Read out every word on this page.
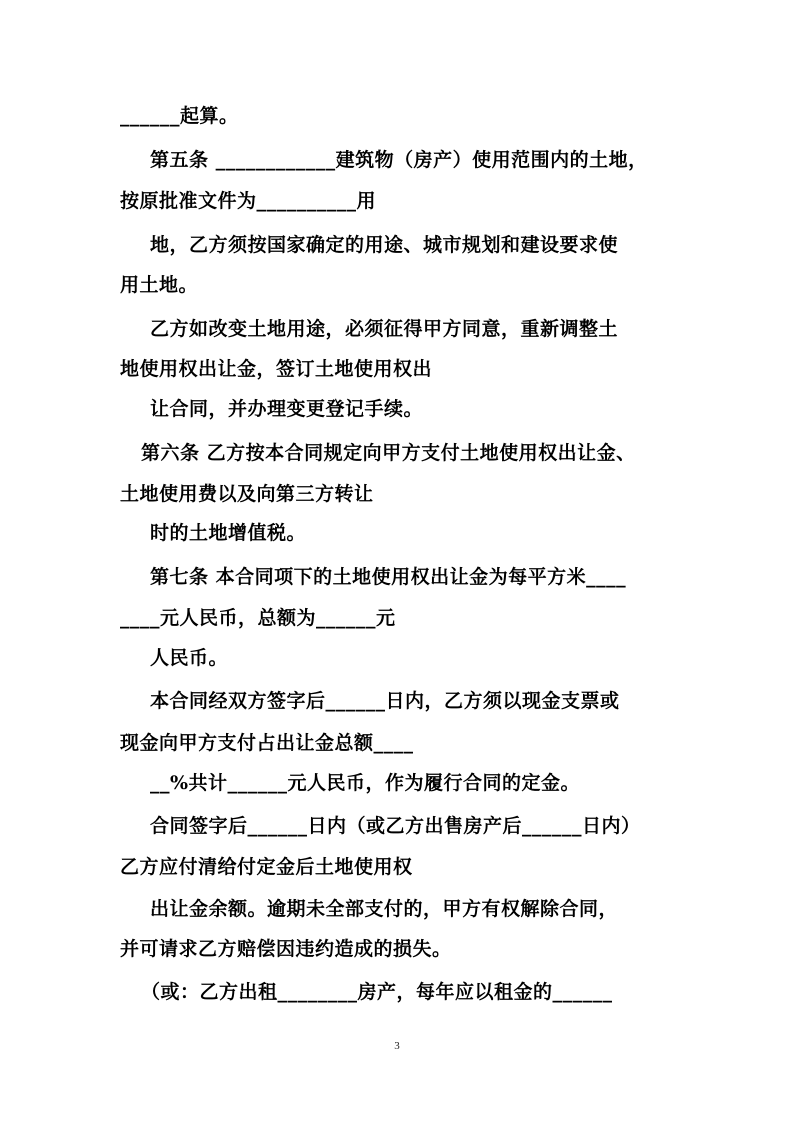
______起算。
第五条 ____________建筑物（房产）使用范围内的土地，
按原批准文件为__________用
地，乙方须按国家确定的用途、城市规划和建设要求使
用土地。
乙方如改变土地用途，必须征得甲方同意，重新调整土
地使用权出让金，签订土地使用权出
让合同，并办理变更登记手续。
第六条 乙方按本合同规定向甲方支付土地使用权出让金、
土地使用费以及向第三方转让
时的土地增值税。
第七条 本合同项下的土地使用权出让金为每平方米____
____元人民币，总额为______元
人民币。
本合同经双方签字后______日内，乙方须以现金支票或
现金向甲方支付占出让金总额____
__%共计______元人民币，作为履行合同的定金。
合同签字后______日内（或乙方出售房产后______日内）
乙方应付清给付定金后土地使用权
出让金余额。逾期未全部支付的，甲方有权解除合同，
并可请求乙方赔偿因违约造成的损失。
（或：乙方出租________房产，每年应以租金的______
3
